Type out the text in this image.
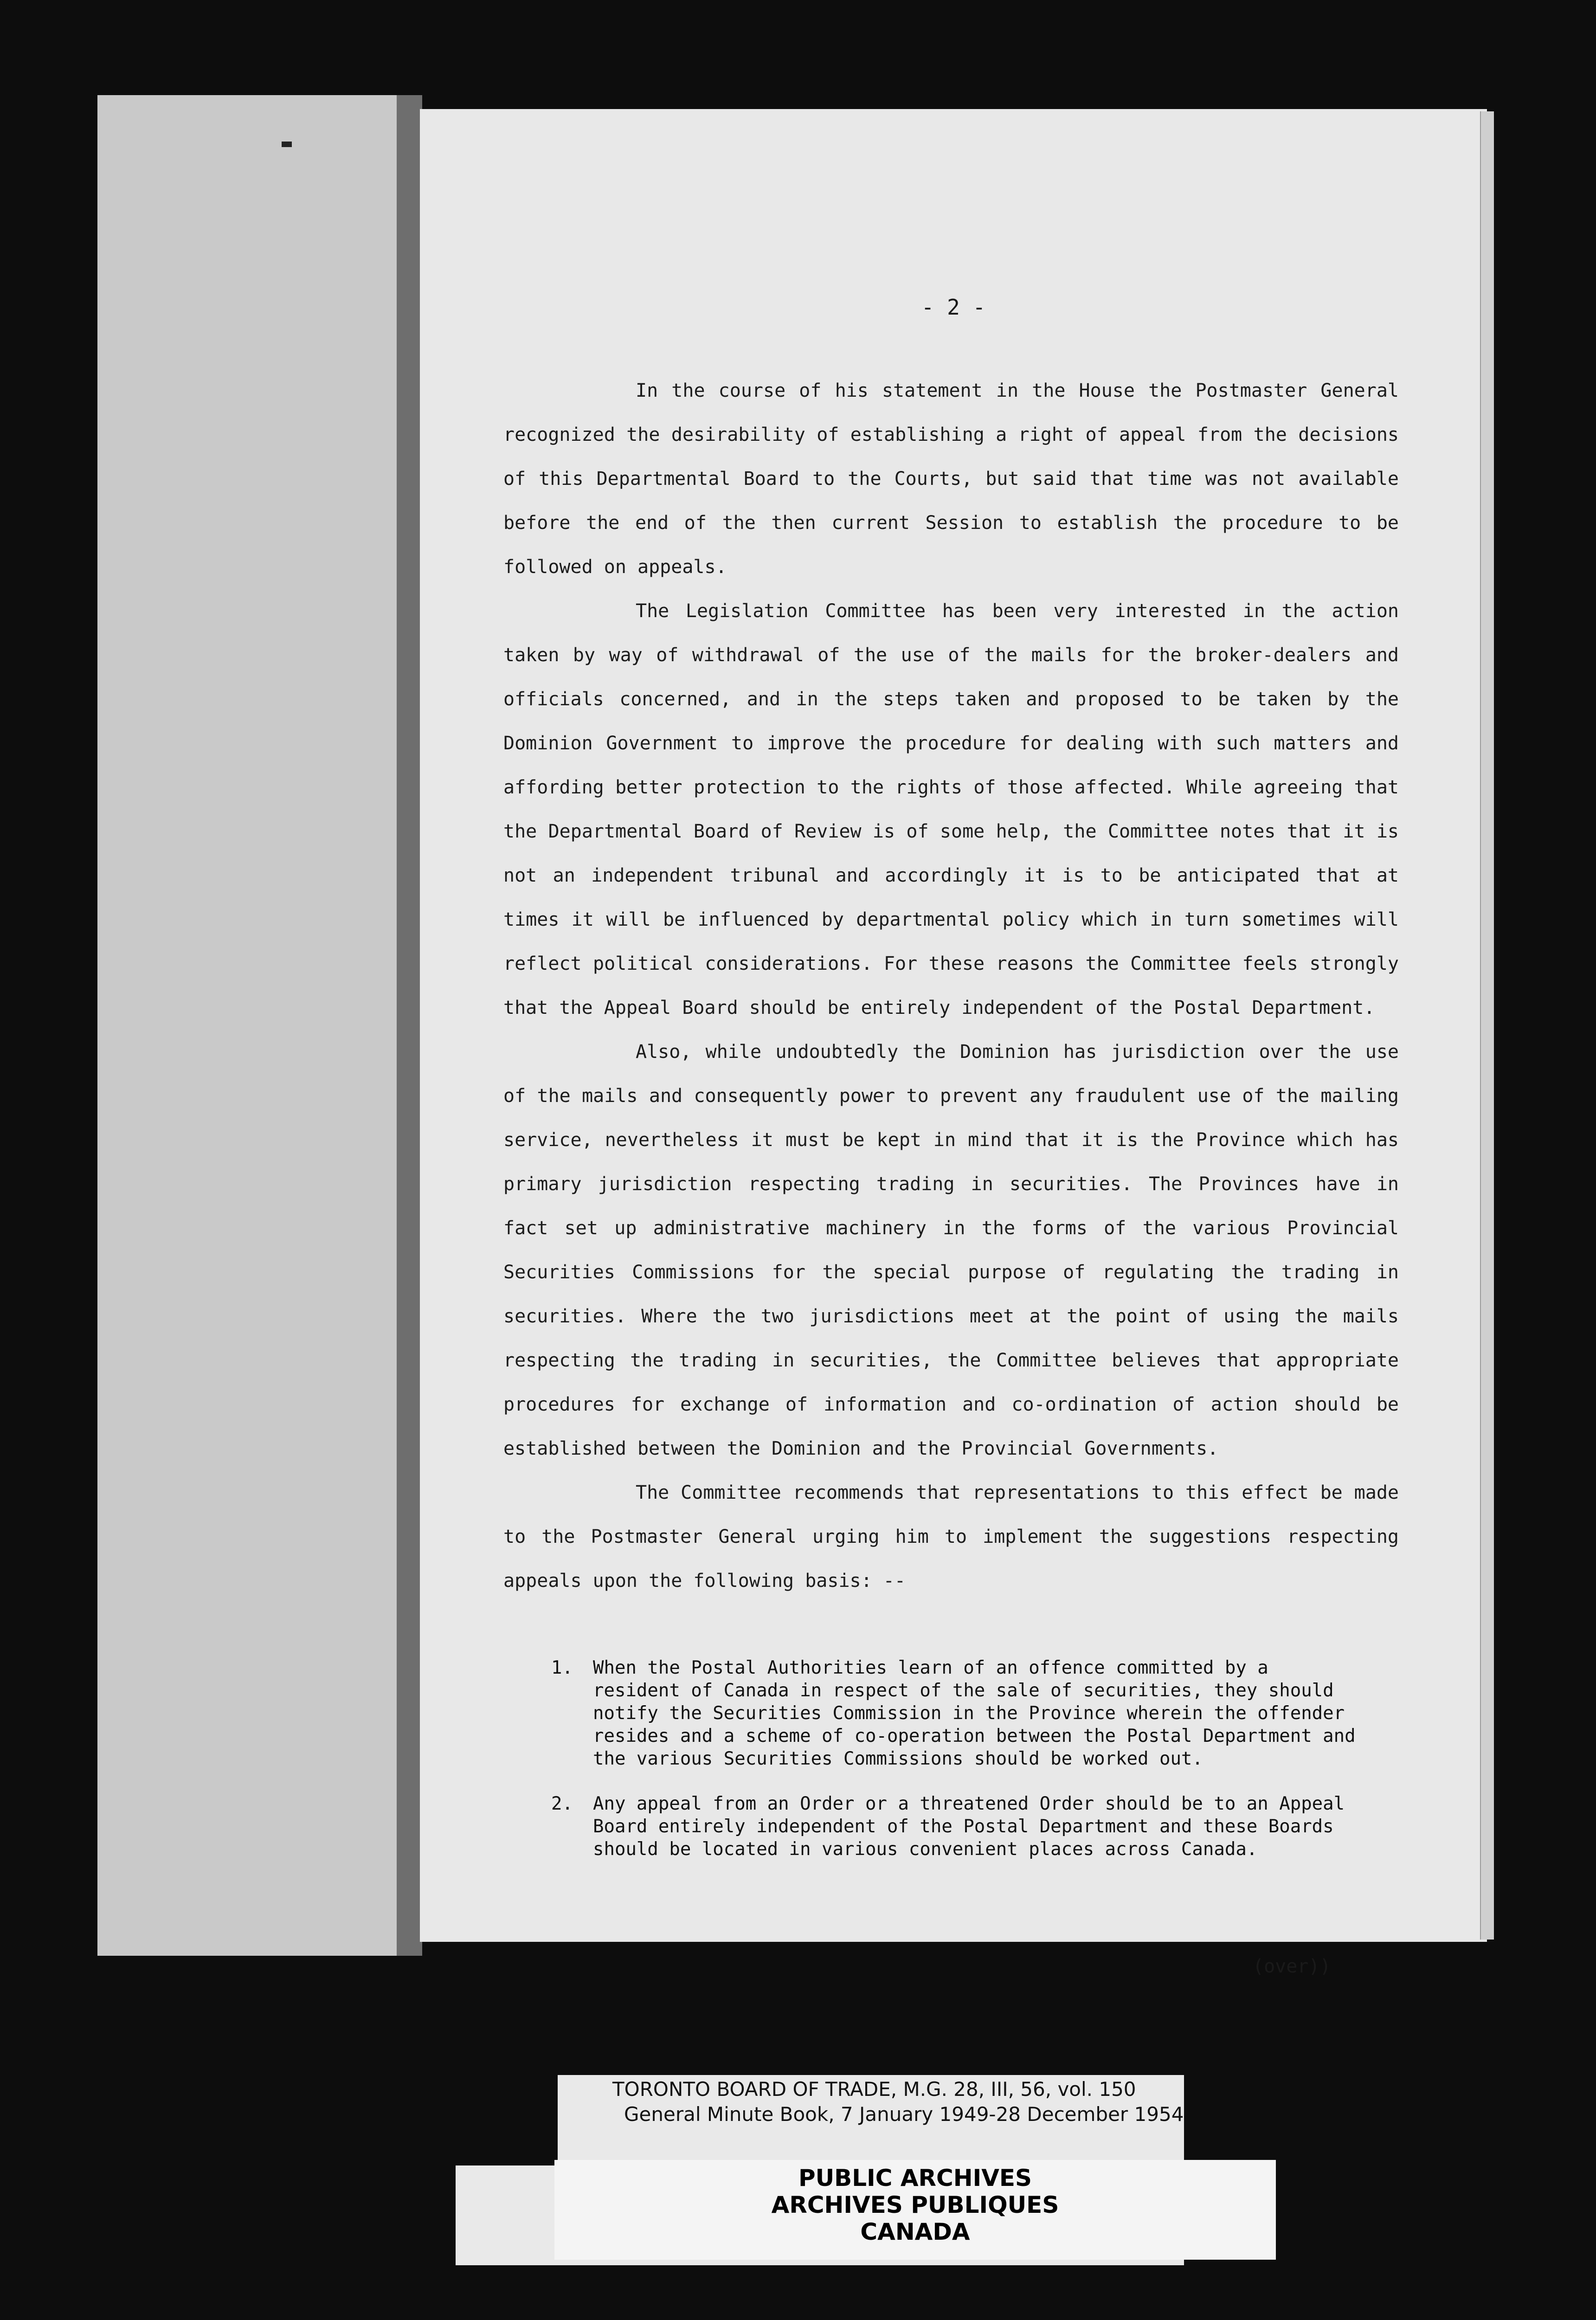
- 2 -

In the course of his statement in the House the Postmaster General recognized the desirability of establishing a right of appeal from the decisions of this Departmental Board to the Courts, but said that time was not available before the end of the then current Session to establish the procedure to be followed on appeals.

The Legislation Committee has been very interested in the action taken by way of withdrawal of the use of the mails for the broker-dealers and officials concerned, and in the steps taken and proposed to be taken by the Dominion Government to improve the procedure for dealing with such matters and affording better protection to the rights of those affected. While agreeing that the Departmental Board of Review is of some help, the Committee notes that it is not an independent tribunal and accordingly it is to be anticipated that at times it will be influenced by departmental policy which in turn sometimes will reflect political considerations. For these reasons the Committee feels strongly that the Appeal Board should be entirely independent of the Postal Department.

Also, while undoubtedly the Dominion has jurisdiction over the use of the mails and consequently power to prevent any fraudulent use of the mailing service, nevertheless it must be kept in mind that it is the Province which has primary jurisdiction respecting trading in securities. The Provinces have in fact set up administrative machinery in the forms of the various Provincial Securities Commissions for the special purpose of regulating the trading in securities. Where the two jurisdictions meet at the point of using the mails respecting the trading in securities, the Committee believes that appropriate procedures for exchange of information and co-ordination of action should be established between the Dominion and the Provincial Governments.

The Committee recommends that representations to this effect be made to the Postmaster General urging him to implement the suggestions respecting appeals upon the following basis: --

1.	When the Postal Authorities learn of an offence committed by a resident of Canada in respect of the sale of securities, they should notify the Securities Commission in the Province wherein the offender resides and a scheme of co-operation between the Postal Department and the various Securities Commissions should be worked out.
2.	Any appeal from an Order or a threatened Order should be to an Appeal Board entirely independent of the Postal Department and these Boards should be located in various convenient places across Canada.
(over))
TORONTO BOARD OF TRADE, M.G. 28, III, 56, vol. 150
General Minute Book, 7 January 1949-28 December 1954
PUBLIC ARCHIVES
ARCHIVES PUBLIQUES
CANADA
